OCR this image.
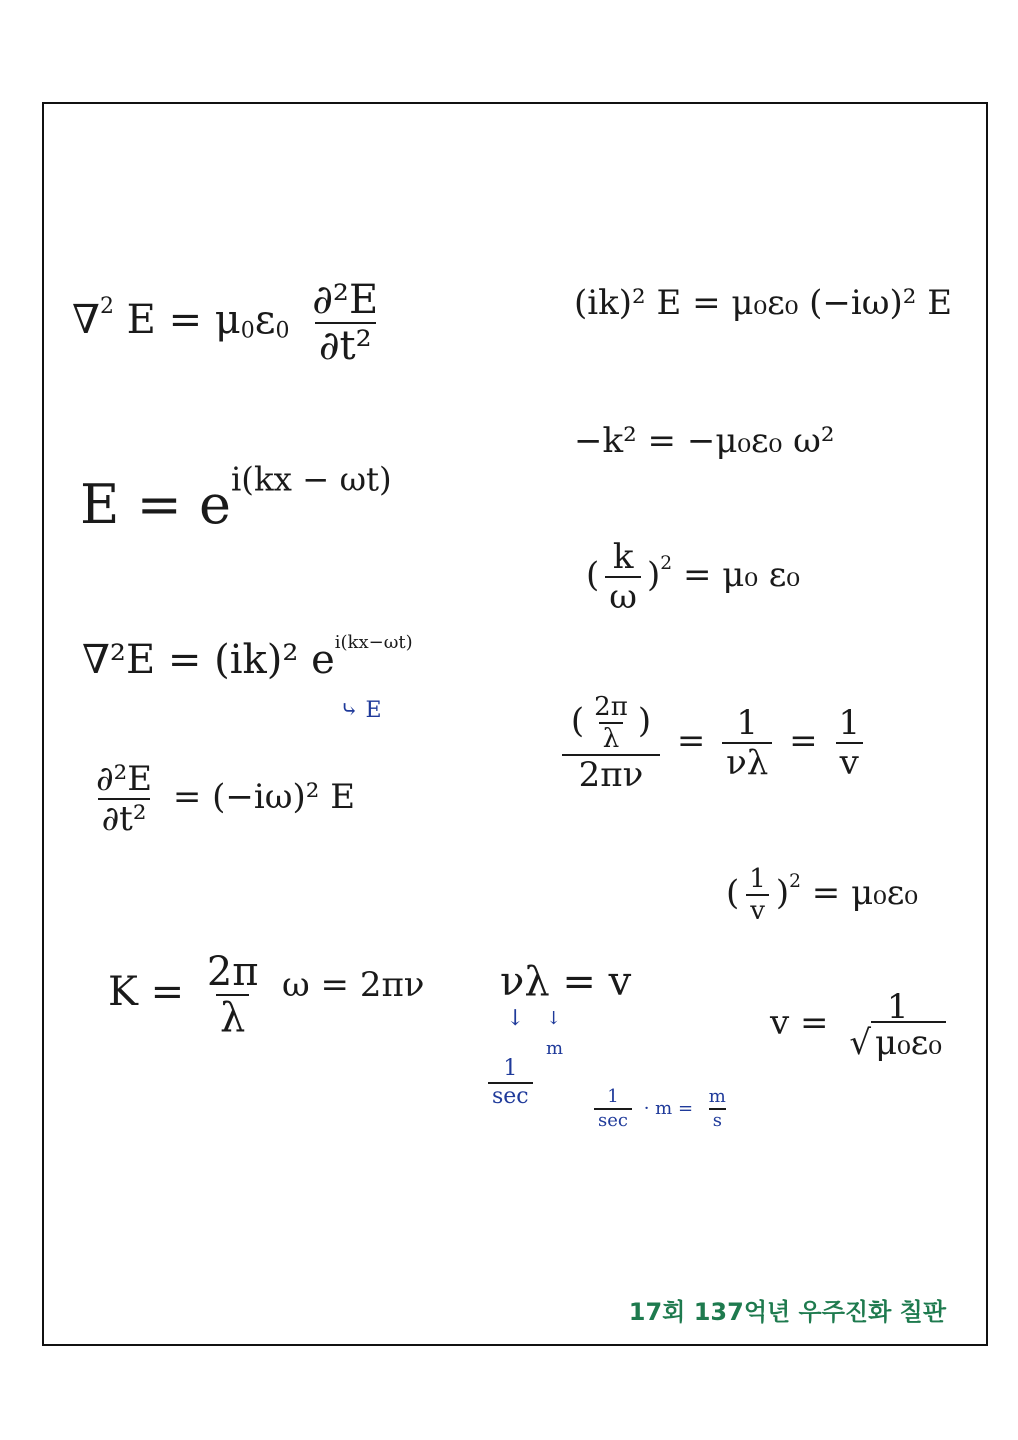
∇$^2$ $E = \mu_0\varepsilon_0 \frac{\text{∂²E}}{\text{∂t²}}$
$E = e^{i(kx - \omega t)}$
∇²E = (ik)² $e^{i(kx-\omega t)}$
⤷ E
$\frac{\text{∂²E}}{\text{∂t²}} = (-i\omega)^2$ E
$K = \frac{2\pi}{\lambda}$ ω = 2πν νλ = v
↓ ↓
m
$\frac{1}{\sec}$
$\frac{1}{\sec} \cdot m = \frac{m}{s}$
(ik)² E = μ₀ε₀ (−iω)² E
−k² = −μ₀ε₀ ω²
( $\frac{k}{\omega} )^2 = \mu_0$ ε₀
$\frac{( \frac{2\pi}{\lambda} )}{2\pi\nu} = \frac{1}{\nu\lambda} = \frac{1}{v}$
( $\frac{1}{v} )^2 = \mu_0\varepsilon_0$
v = 1
√ μ₀ε₀
17회 137억년 우주진화 칠판
